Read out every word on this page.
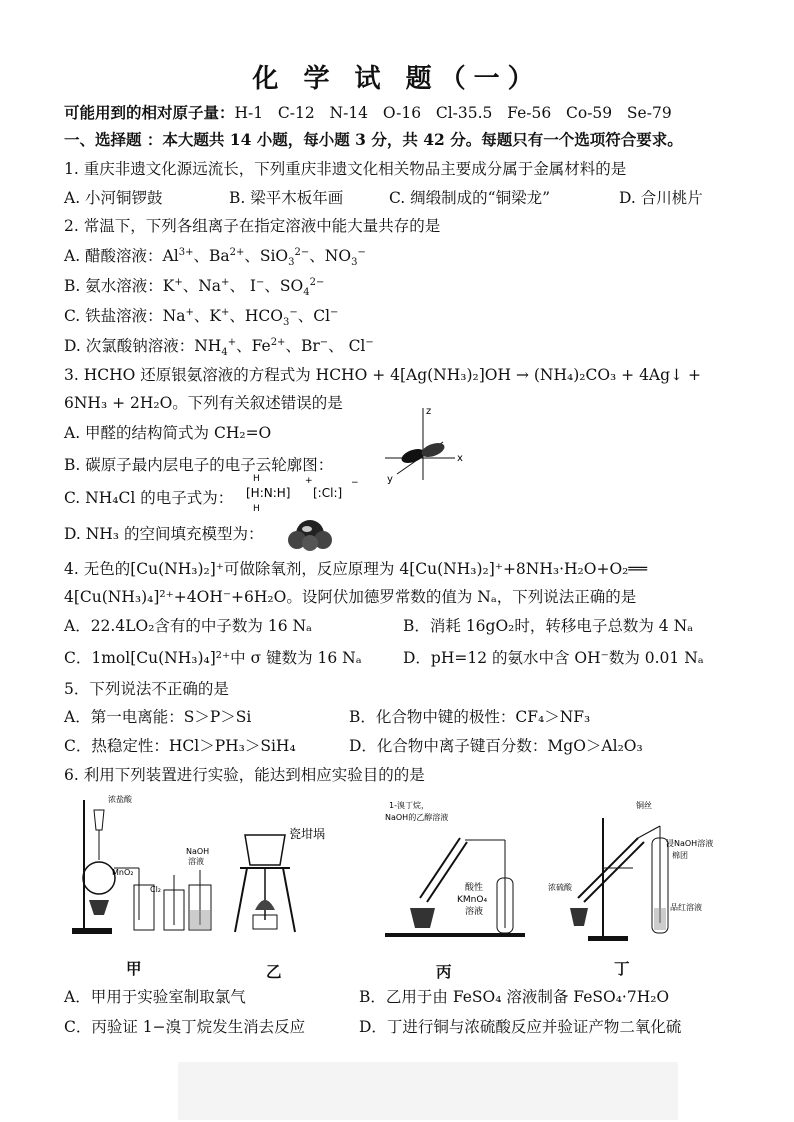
化 学 试 题（一）
可能用到的相对原子量：H-1   C-12   N-14   O-16   Cl-35.5   Fe-56   Co-59   Se-79
一、选择题 ：本大题共 14 小题，每小题 3 分，共 42 分。每题只有一个选项符合要求。
1. 重庆非遗文化源远流长，下列重庆非遗文化相关物品主要成分属于金属材料的是
A. 小河铜锣鼓	B. 梁平木板年画	C. 绸缎制成的“铜梁龙”	D. 合川桃片
2. 常温下，下列各组离子在指定溶液中能大量共存的是
A. 醋酸溶液：$Al^{3+}$、$Ba^{2+}$、SiO$_3^{2-}$、$NO_3^-$
B. 氨水溶液：K+、Na+、 I−、$SO_4^{2-}$
C. 铁盐溶液：Na+、K+、$HCO_3^-$、Cl−
D. 次氯酸钠溶液：$NH_4^+$、$Fe^{2+}$、Br−、 Cl−
3. HCHO 还原银氨溶液的方程式为 HCHO + 4[Ag(NH₃)₂]OH → (NH₄)₂CO₃ + 4Ag↓ +
6NH₃ + 2H₂O。下列有关叙述错误的是
A. 甲醛的结构简式为 CH₂=O
B. 碳原子最内层电子的电子云轮廓图：
z
x
y
C. NH₄Cl 的电子式为：
H
[H:N:H]
H
+
[:Cl:]
−
D. NH₃ 的空间填充模型为：
4. 无色的[Cu(NH₃)₂]⁺可做除氧剂，反应原理为 4[Cu(NH₃)₂]⁺+8NH₃·H₂O+O₂══
4[Cu(NH₃)₄]²⁺+4OH⁻+6H₂O。设阿伏加德罗常数的值为 Nₐ，下列说法正确的是
A．22.4LO₂含有的中子数为 16 Nₐ	B．消耗 16gO₂时，转移电子总数为 4 Nₐ
C．1mol[Cu(NH₃)₄]²⁺中 σ 键数为 16 Nₐ	D．pH=12 的氨水中含 OH⁻数为 0.01 Nₐ
5．下列说法不正确的是
A．第一电离能：S＞P＞Si	B．化合物中键的极性：CF₄＞NF₃
C．热稳定性：HCl＞PH₃＞SiH₄	D．化合物中离子键百分数：MgO＞Al₂O₃
6. 利用下列装置进行实验，能达到相应实验目的的是
浓盐酸
MnO₂
Cl₂
NaOH
溶液
瓷坩埚
1-溴丁烷，
NaOH的乙醇溶液
酸性
KMnO₄
溶液
铜丝
浸NaOH溶液
棉团
浓硫酸
品红溶液
甲	乙	丙	丁
A．甲用于实验室制取氯气	B．乙用于由 FeSO₄ 溶液制备 FeSO₄·7H₂O
C．丙验证 1−溴丁烷发生消去反应	D．丁进行铜与浓硫酸反应并验证产物二氧化硫
